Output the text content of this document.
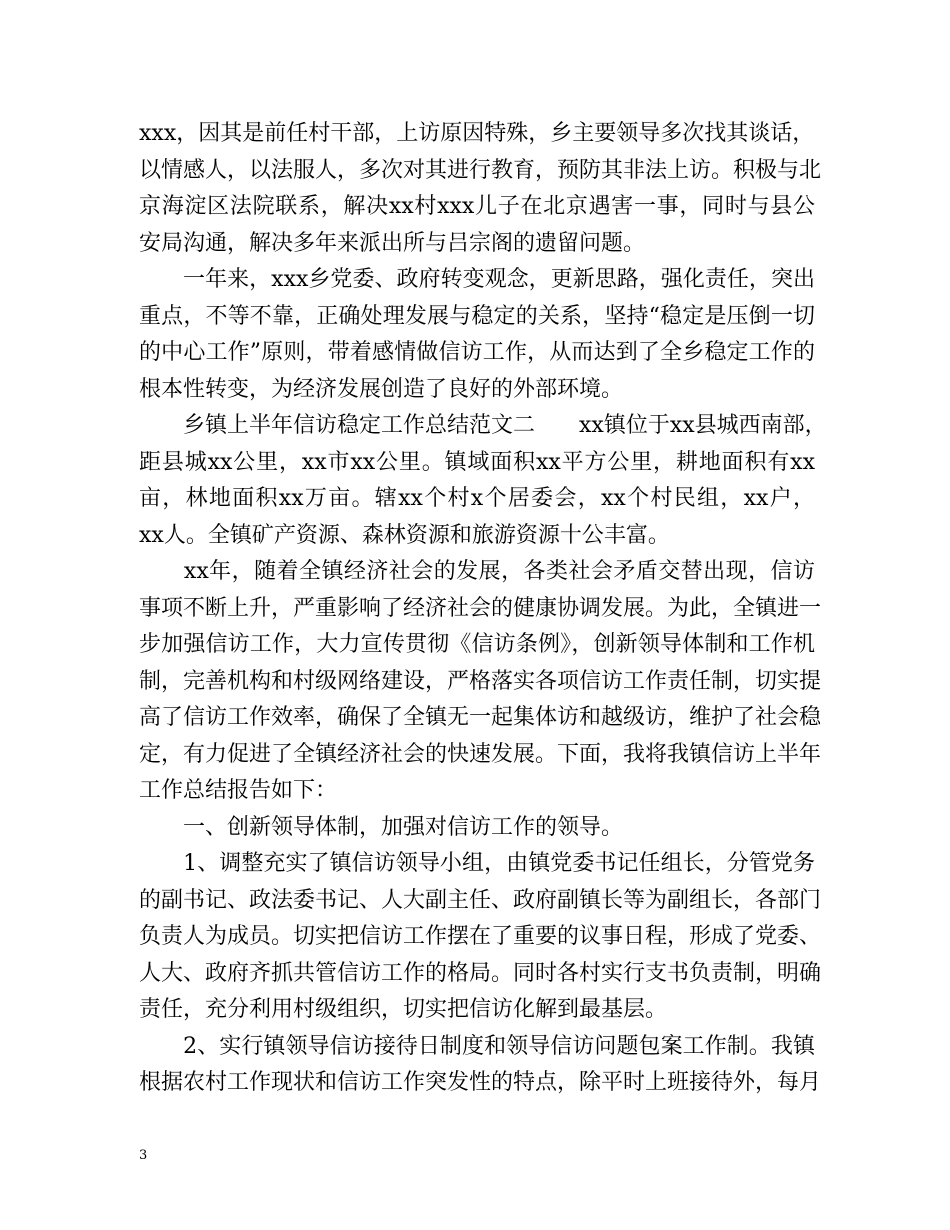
xxx，因其是前任村干部，上访原因特殊，乡主要领导多次找其谈话，
以情感人，以法服人，多次对其进行教育，预防其非法上访。积极与北
京海淀区法院联系，解决xx村xxx儿子在北京遇害一事，同时与县公
安局沟通，解决多年来派出所与吕宗阁的遗留问题。
　　一年来，xxx乡党委、政府转变观念，更新思路，强化责任，突出
重点，不等不靠，正确处理发展与稳定的关系，坚持“稳定是压倒一切
的中心工作”原则，带着感情做信访工作，从而达到了全乡稳定工作的
根本性转变，为经济发展创造了良好的外部环境。
　　乡镇上半年信访稳定工作总结范文二　　xx镇位于xx县城西南部，
距县城xx公里，xx市xx公里。镇域面积xx平方公里，耕地面积有xx
亩，林地面积xx万亩。辖xx个村x个居委会，xx个村民组，xx户，
xx人。全镇矿产资源、森林资源和旅游资源十公丰富。
　　xx年，随着全镇经济社会的发展，各类社会矛盾交替出现，信访
事项不断上升，严重影响了经济社会的健康协调发展。为此，全镇进一
步加强信访工作，大力宣传贯彻《信访条例》，创新领导体制和工作机
制，完善机构和村级网络建设，严格落实各项信访工作责任制，切实提
高了信访工作效率，确保了全镇无一起集体访和越级访，维护了社会稳
定，有力促进了全镇经济社会的快速发展。下面，我将我镇信访上半年
工作总结报告如下：
　　一、创新领导体制，加强对信访工作的领导。
　　1、调整充实了镇信访领导小组，由镇党委书记任组长，分管党务
的副书记、政法委书记、人大副主任、政府副镇长等为副组长，各部门
负责人为成员。切实把信访工作摆在了重要的议事日程，形成了党委、
人大、政府齐抓共管信访工作的格局。同时各村实行支书负责制，明确
责任，充分利用村级组织，切实把信访化解到最基层。
　　2、实行镇领导信访接待日制度和领导信访问题包案工作制。我镇
根据农村工作现状和信访工作突发性的特点，除平时上班接待外，每月
3
